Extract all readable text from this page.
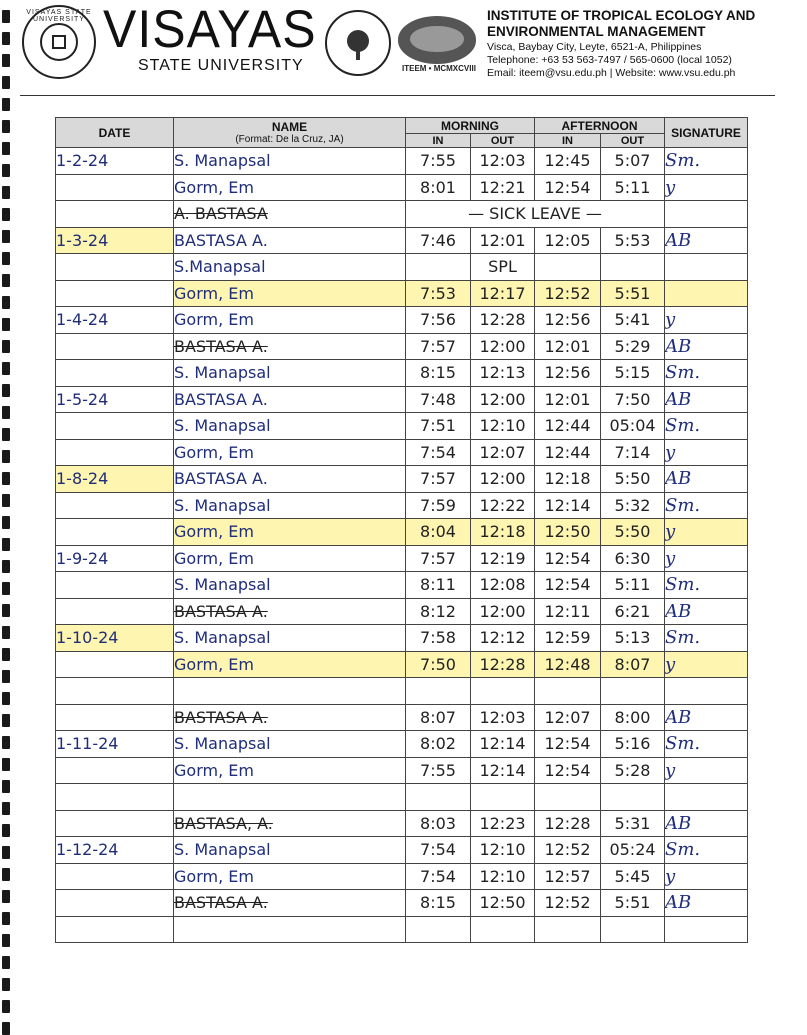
VISAYAS STATE UNIVERSITY VISAYAS
STATE UNIVERSITY	ITEEM • MCMXCVIII
INSTITUTE OF TROPICAL ECOLOGY AND ENVIRONMENTAL MANAGEMENT
Visca, Baybay City, Leyte, 6521-A, Philippines
Telephone: +63 53 563-7497 / 565-0600 (local 1052)
Email: iteem@vsu.edu.ph | Website: www.vsu.edu.ph
DATE	NAME
(Format: De la Cruz, JA)	MORNING		AFTERNOON		SIGNATURE
		IN	OUT	IN	OUT	
1-2-24	S. Manapsal	7:55	12:03	12:45	5:07	Sm.
	Gorm, Em	8:01	12:21	12:54	5:11	y
	A. BASTASA	— SICK LEAVE —				
1-3-24	BASTASA A.	7:46	12:01	12:05	5:53	AB
	S.Manapsal		SPL			
	Gorm, Em	7:53	12:17	12:52	5:51	
1-4-24	Gorm, Em	7:56	12:28	12:56	5:41	y
	BASTASA A.	7:57	12:00	12:01	5:29	AB
	S. Manapsal	8:15	12:13	12:56	5:15	Sm.
1-5-24	BASTASA A.	7:48	12:00	12:01	7:50	AB
	S. Manapsal	7:51	12:10	12:44	05:04	Sm.
	Gorm, Em	7:54	12:07	12:44	7:14	y
1-8-24	BASTASA A.	7:57	12:00	12:18	5:50	AB
	S. Manapsal	7:59	12:22	12:14	5:32	Sm.
	Gorm, Em	8:04	12:18	12:50	5:50	y
1-9-24	Gorm, Em	7:57	12:19	12:54	6:30	y
	S. Manapsal	8:11	12:08	12:54	5:11	Sm.
	BASTASA A.	8:12	12:00	12:11	6:21	AB
1-10-24	S. Manapsal	7:58	12:12	12:59	5:13	Sm.
	Gorm, Em	7:50	12:28	12:48	8:07	y

	BASTASA A.	8:07	12:03	12:07	8:00	AB
1-11-24	S. Manapsal	8:02	12:14	12:54	5:16	Sm.
	Gorm, Em	7:55	12:14	12:54	5:28	y

	BASTASA, A.	8:03	12:23	12:28	5:31	AB
1-12-24	S. Manapsal	7:54	12:10	12:52	05:24	Sm.
	Gorm, Em	7:54	12:10	12:57	5:45	y
	BASTASA A.	8:15	12:50	12:52	5:51	AB
